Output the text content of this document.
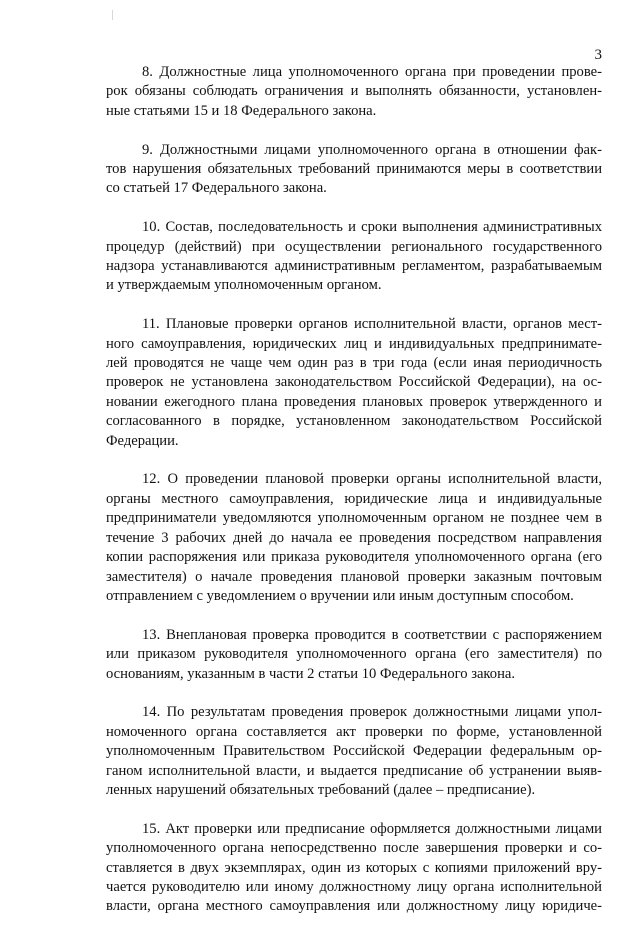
3
8. Должностные лица уполномоченного органа при проведении прове-
рок обязаны соблюдать ограничения и выполнять обязанности, установлен-
ные статьями 15 и 18 Федерального закона.
9. Должностными лицами уполномоченного органа в отношении фак-
тов нарушения обязательных требований принимаются меры в соответствии
со статьей 17 Федерального закона.
10. Состав, последовательность и сроки выполнения административных
процедур (действий) при осуществлении регионального государственного
надзора устанавливаются административным регламентом, разрабатываемым
и утверждаемым уполномоченным органом.
11. Плановые проверки органов исполнительной власти, органов мест-
ного самоуправления, юридических лиц и индивидуальных предпринимате-
лей проводятся не чаще чем один раз в три года (если иная периодичность
проверок не установлена законодательством Российской Федерации), на ос-
новании ежегодного плана проведения плановых проверок утвержденного и
согласованного в порядке, установленном законодательством Российской
Федерации.
12. О проведении плановой проверки органы исполнительной власти,
органы местного самоуправления, юридические лица и индивидуальные
предприниматели уведомляются уполномоченным органом не позднее чем в
течение 3 рабочих дней до начала ее проведения посредством направления
копии распоряжения или приказа руководителя уполномоченного органа (его
заместителя) о начале проведения плановой проверки заказным почтовым
отправлением с уведомлением о вручении или иным доступным способом.
13. Внеплановая проверка проводится в соответствии с распоряжением
или приказом руководителя уполномоченного органа (его заместителя) по
основаниям, указанным в части 2 статьи 10 Федерального закона.
14. По результатам проведения проверок должностными лицами упол-
номоченного органа составляется акт проверки по форме, установленной
уполномоченным Правительством Российской Федерации федеральным ор-
ганом исполнительной власти, и выдается предписание об устранении выяв-
ленных нарушений обязательных требований (далее – предписание).
15. Акт проверки или предписание оформляется должностными лицами
уполномоченного органа непосредственно после завершения проверки и со-
ставляется в двух экземплярах, один из которых с копиями приложений вру-
чается руководителю или иному должностному лицу органа исполнительной
власти, органа местного самоуправления или должностному лицу юридиче-
